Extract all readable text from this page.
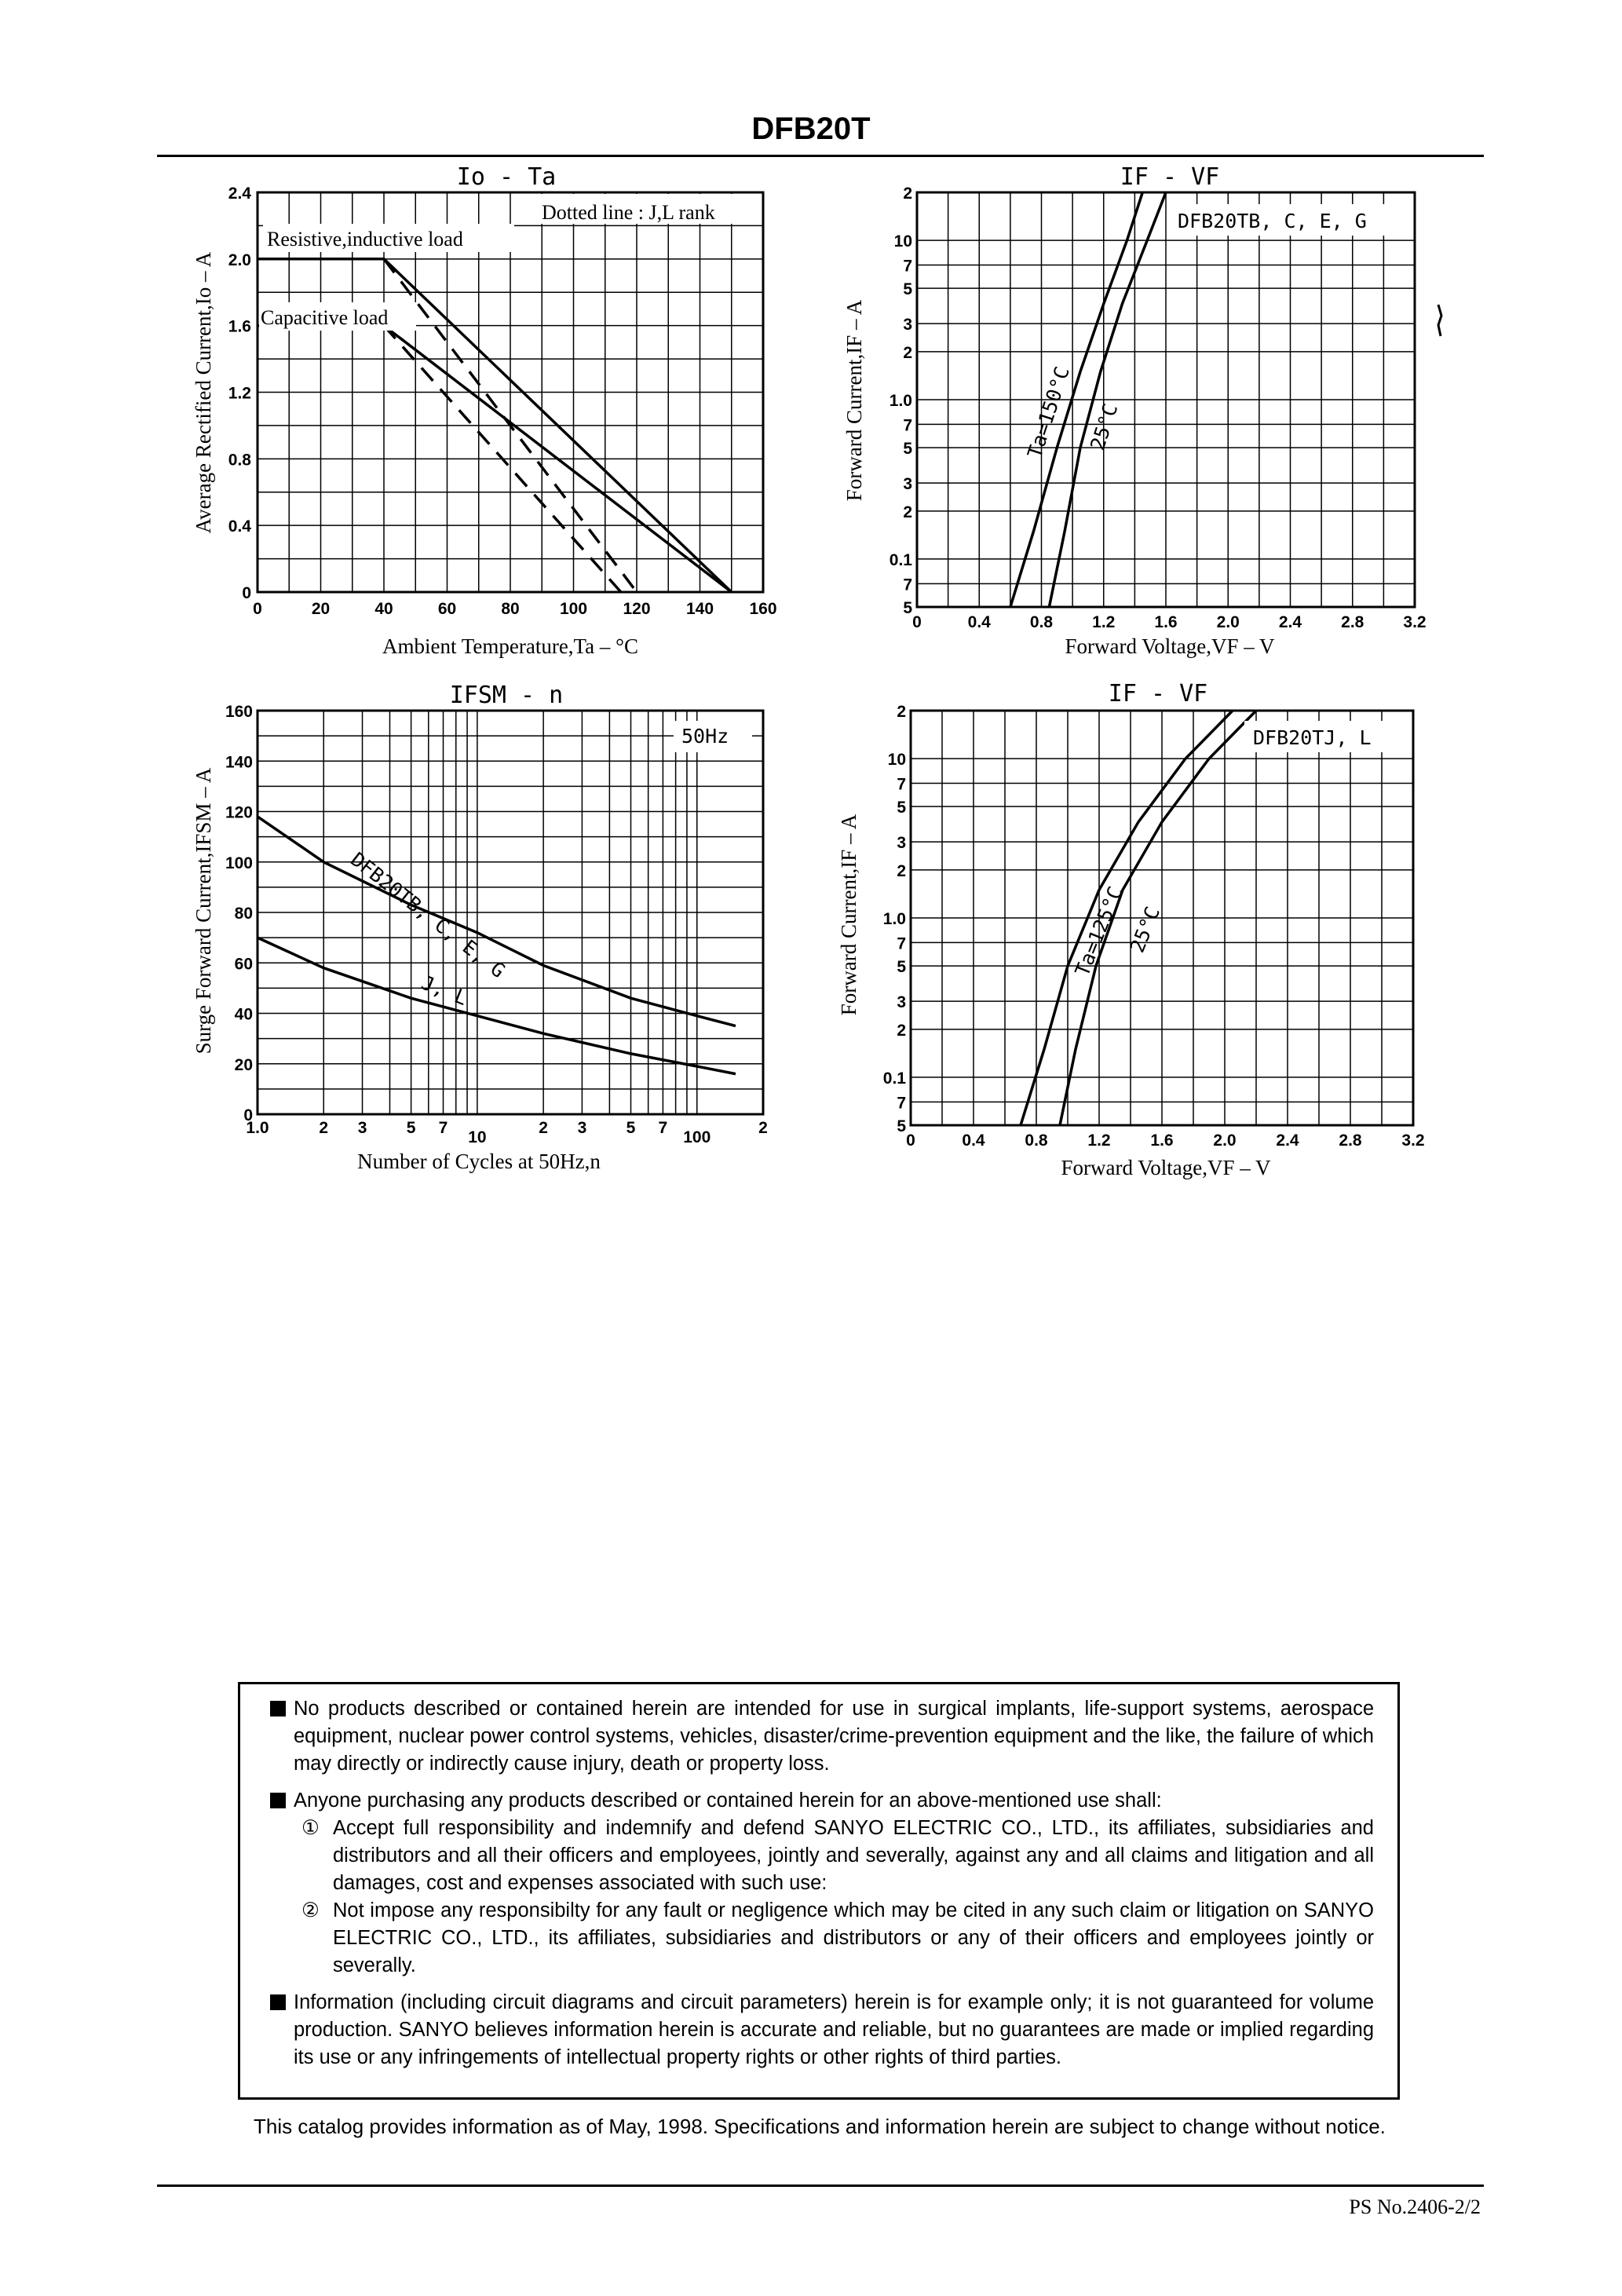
DFB20T
Io - Ta
0	20	40	60	80 100 120 140 160
0
0.4
0.8
1.2
1.6
2.0
2.4
Dotted line : J,L rank
Resistive,inductive load
Capacitive load
Ambient Temperature,Ta – °C
Average Rectified Current,Io – A
IF - VF
0	0.4 0.8 1.2 1.6 2.0 2.4 2.8 3.2
5
7
0.1
2
3
5
7
1.0
2
3
5
7
10
2
DFB20TB, C, E, G
Ta=150°C 25°C
Forward Voltage,VF – V
Forward Current,IF – A
IFSM - n
1.0	2 3 5 7
10
2 3 5 7
100
2
0
20
40
60
80
100
120
140
160
50Hz
DFB20TB, C, E, G
J, L
Number of Cycles at 50Hz,n
Surge Forward Current,IFSM – A
IF - VF
0	0.4 0.8 1.2 1.6 2.0 2.4 2.8 3.2
5
7
0.1
2
3
5
7
1.0
2
3
5
7
10
2
DFB20TJ, L
Ta=125°C
25°C
Forward Voltage,VF – V
Forward Current,IF – A
No products described or contained herein are intended for use in surgical implants, life-support systems, aerospace equipment, nuclear power control systems, vehicles, disaster/crime-prevention equipment and the like, the failure of which may directly or indirectly cause injury, death or property loss.
Anyone purchasing any products described or contained herein for an above-mentioned use shall:
① Accept full responsibility and indemnify and defend SANYO ELECTRIC CO., LTD., its affiliates, subsidiaries and distributors and all their officers and employees, jointly and severally, against any and all claims and litigation and all damages, cost and expenses associated with such use:
② Not impose any responsibilty for any fault or negligence which may be cited in any such claim or litigation on SANYO ELECTRIC CO., LTD., its affiliates, subsidiaries and distributors or any of their officers and employees jointly or severally.
Information (including circuit diagrams and circuit parameters) herein is for example only; it is not guaranteed for volume production. SANYO believes information herein is accurate and reliable, but no guarantees are made or implied regarding its use or any infringements of intellectual property rights or other rights of third parties.
This catalog provides information as of May, 1998. Specifications and information herein are subject to change without notice.
PS No.2406-2/2
